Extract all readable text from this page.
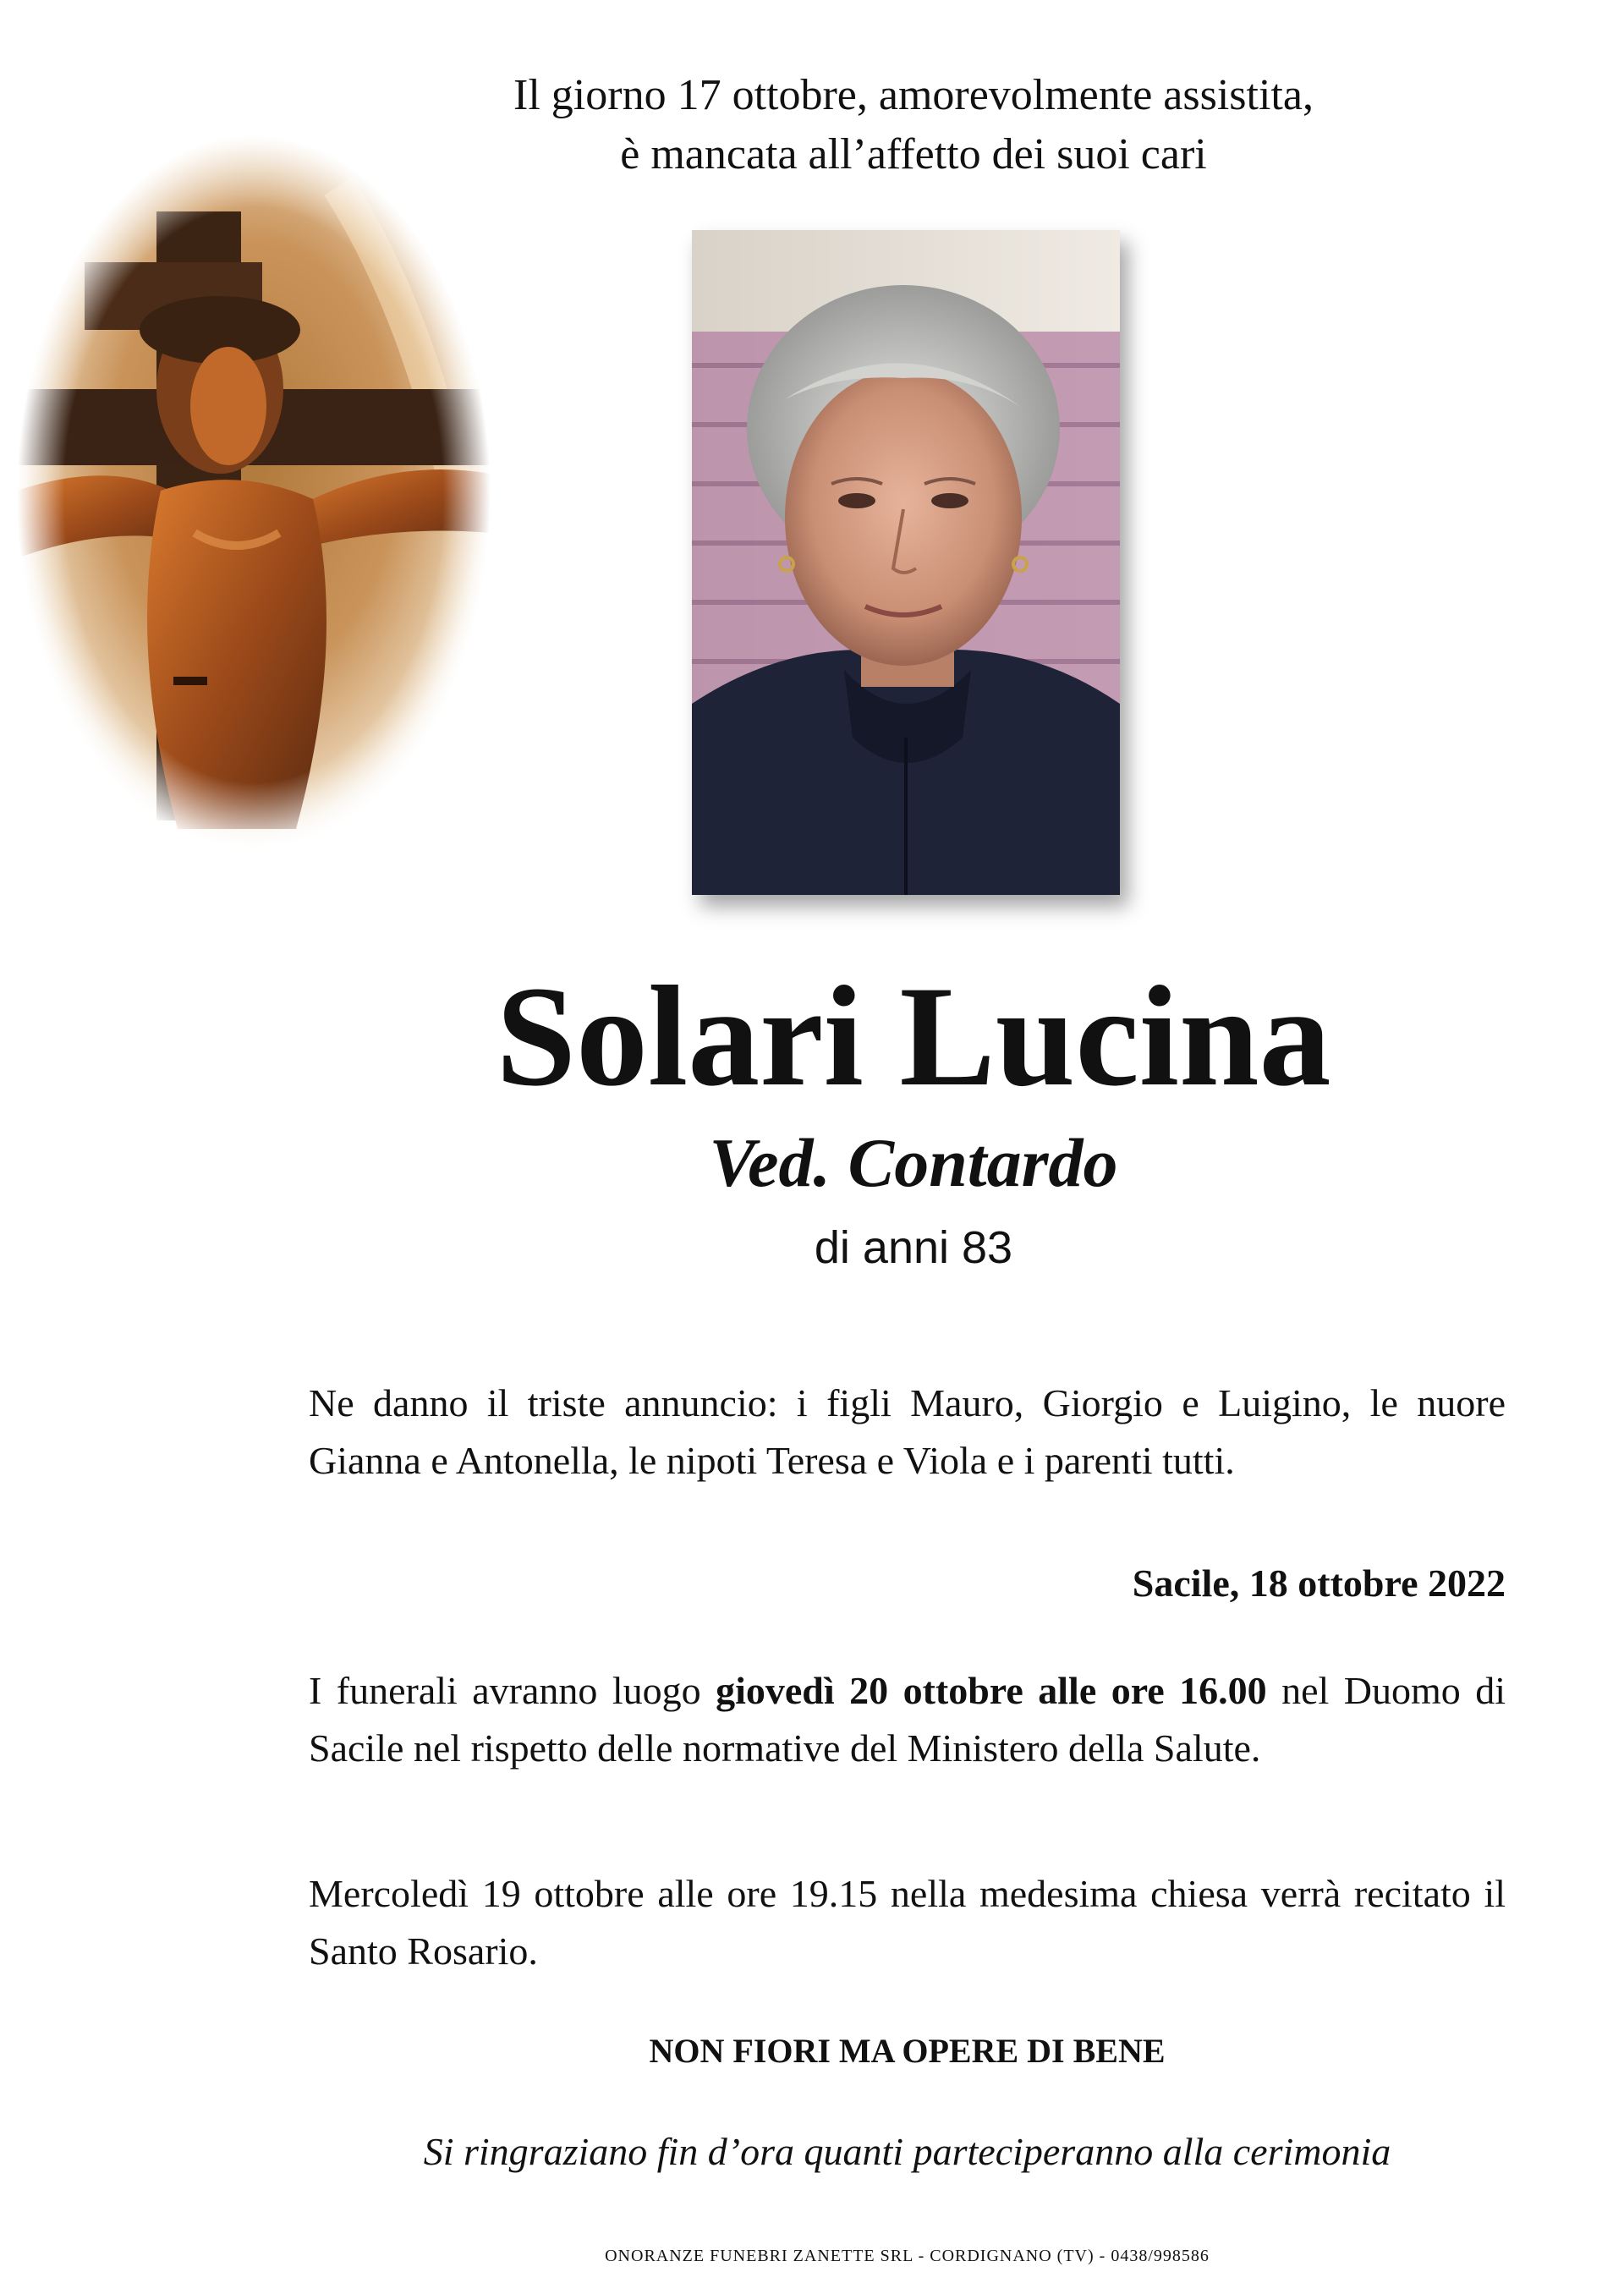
Il giorno 17 ottobre, amorevolmente assistita,
è mancata all’affetto dei suoi cari
Solari Lucina
Ved. Contardo
di anni 83
Ne danno il triste annuncio: i figli Mauro, Giorgio e Luigino, le nuore Gianna e Antonella, le nipoti Teresa e Viola e i parenti tutti.
Sacile, 18 ottobre 2022
I funerali avranno luogo giovedì 20 ottobre alle ore 16.00 nel Duomo di Sacile nel rispetto delle normative del Ministero della Salute.
Mercoledì 19 ottobre alle ore 19.15 nella medesima chiesa verrà recitato il Santo Rosario.
NON FIORI MA OPERE DI BENE
Si ringraziano fin d’ora quanti parteciperanno alla cerimonia
ONORANZE FUNEBRI ZANETTE SRL - CORDIGNANO (TV) - 0438/998586
